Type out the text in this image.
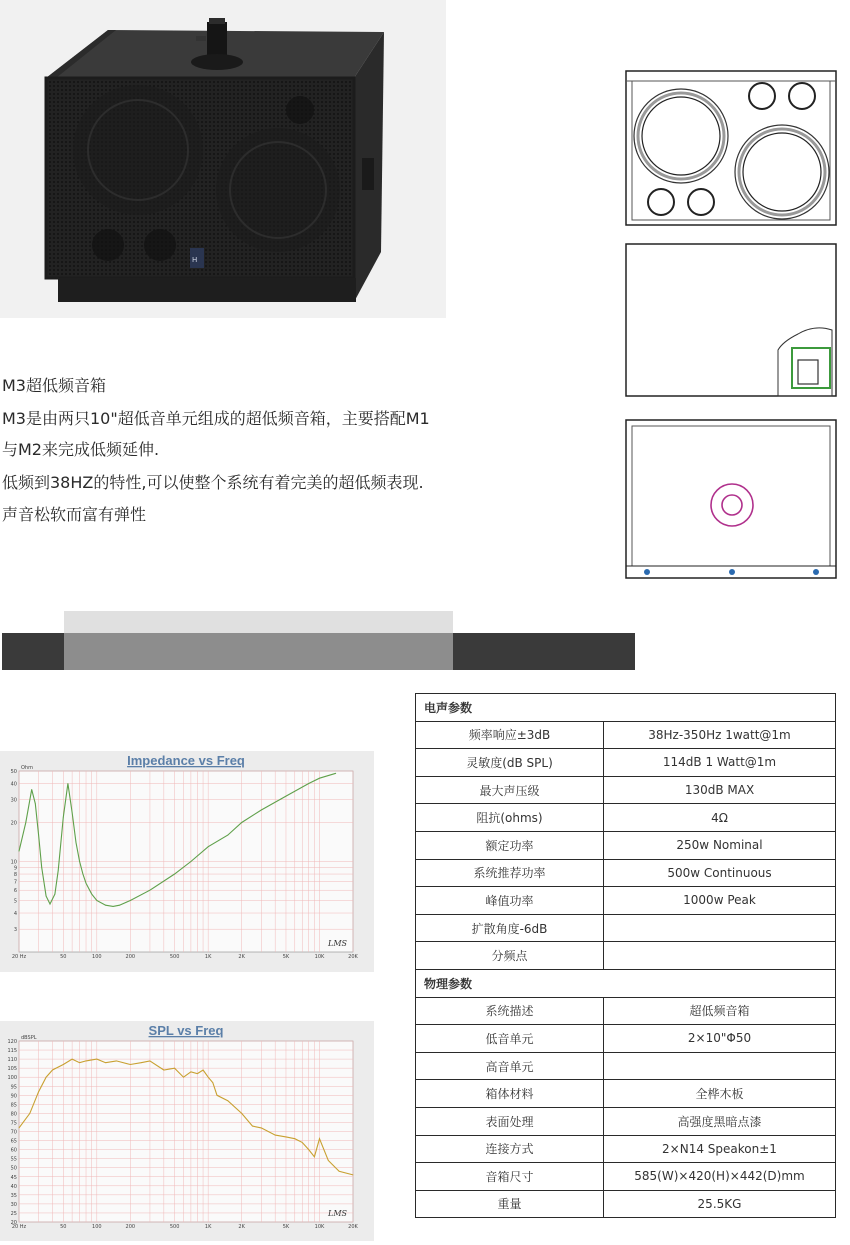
H
M3超低频音箱
M3是由两只10"超低音单元组成的超低频音箱，主要搭配M1
与M2来完成低频延伸.
低频到38HZ的特性,可以使整个系统有着完美的超低频表现.
声音松软而富有弹性
Impedance vs Freq
Ohm
20 Hz	50	100	200	500	1K	2K	5K	10K	20K
50
40
30
20
10
9
8
7
6
5
4
3
LMS
SPL vs Freq
dBSPL
20 Hz	50	100	200	500	1K	2K	5K	10K	20K
120
115
110
105
100
95
90
85
80
75
70
65
60
55
50
45
40
35
30
25
20
LMS
电声参数	
频率响应±3dB	38Hz-350Hz 1watt@1m
灵敏度(dB SPL)	114dB 1 Watt@1m
最大声压级	130dB MAX
阻抗(ohms)	4Ω
额定功率	250w Nominal
系统推荐功率	500w Continuous
峰值功率	1000w Peak
扩散角度-6dB	
分频点	
物理参数	
系统描述	超低频音箱
低音单元	2×10"Φ50
高音单元	
箱体材料	全桦木板
表面处理	高强度黑暗点漆
连接方式	2×N14 Speakon±1
音箱尺寸	585(W)×420(H)×442(D)mm
重量	25.5KG
